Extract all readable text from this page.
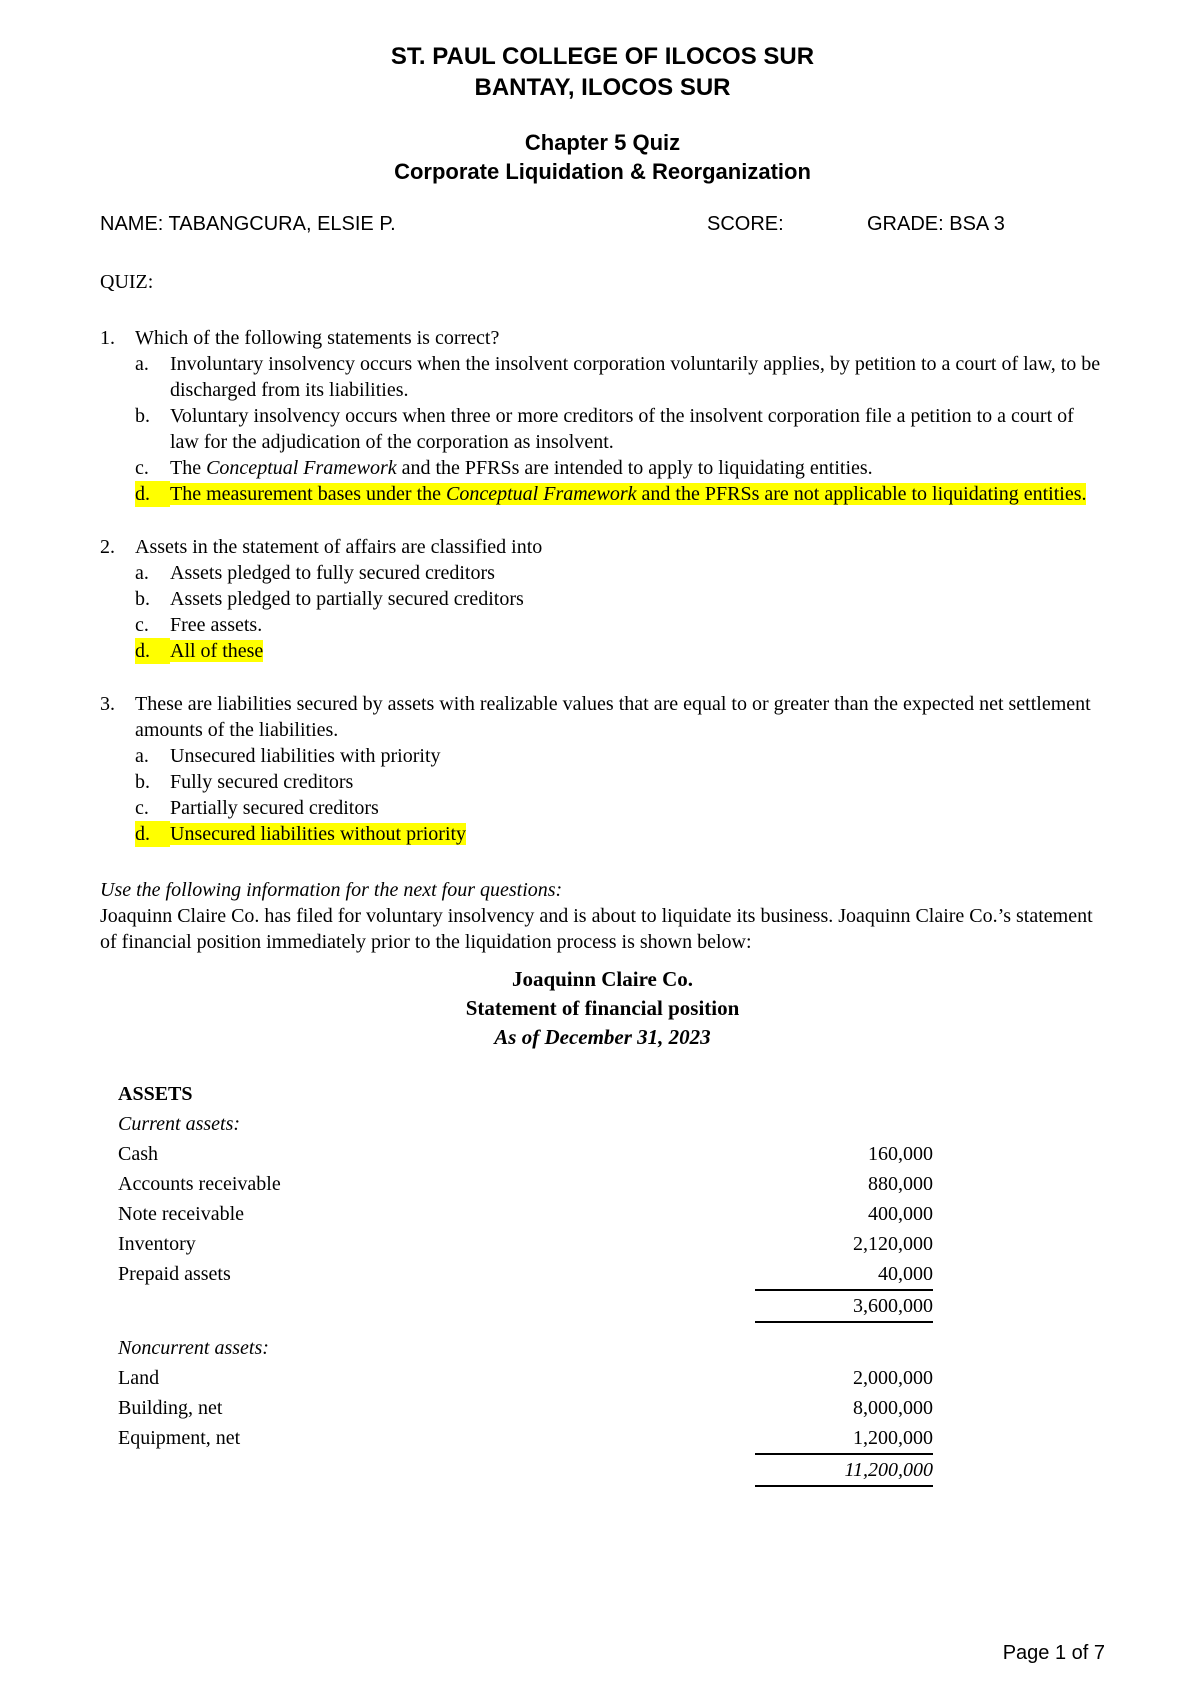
ST. PAUL COLLEGE OF ILOCOS SUR
BANTAY, ILOCOS SUR
Chapter 5 Quiz
Corporate Liquidation & Reorganization
NAME: TABANGCURA, ELSIE P.	SCORE:	GRADE: BSA 3
QUIZ:
1.	Which of the following statements is correct?
a.	Involuntary insolvency occurs when the insolvent corporation voluntarily applies, by petition to a court of law, to be discharged from its liabilities.
b.	Voluntary insolvency occurs when three or more creditors of the insolvent corporation file a petition to a court of law for the adjudication of the corporation as insolvent.
c.	The Conceptual Framework and the PFRSs are intended to apply to liquidating entities.
d.	The measurement bases under the Conceptual Framework and the PFRSs are not applicable to liquidating entities.
2.	Assets in the statement of affairs are classified into
a.	Assets pledged to fully secured creditors
b.	Assets pledged to partially secured creditors
c.	Free assets.
d.	All of these
3.	These are liabilities secured by assets with realizable values that are equal to or greater than the expected net settlement amounts of the liabilities.
a.	Unsecured liabilities with priority
b.	Fully secured creditors
c.	Partially secured creditors
d.	Unsecured liabilities without priority
Use the following information for the next four questions:
Joaquinn Claire Co. has filed for voluntary insolvency and is about to liquidate its business. Joaquinn Claire Co.’s statement of financial position immediately prior to the liquidation process is shown below:
Joaquinn Claire Co.
Statement of financial position
As of December 31, 2023
ASSETS
Current assets:
Cash	160,000
Accounts receivable	880,000
Note receivable	400,000
Inventory	2,120,000
Prepaid assets	40,000
3,600,000
Noncurrent assets:
Land	2,000,000
Building, net	8,000,000
Equipment, net	1,200,000
11,200,000
Page 1 of 7
